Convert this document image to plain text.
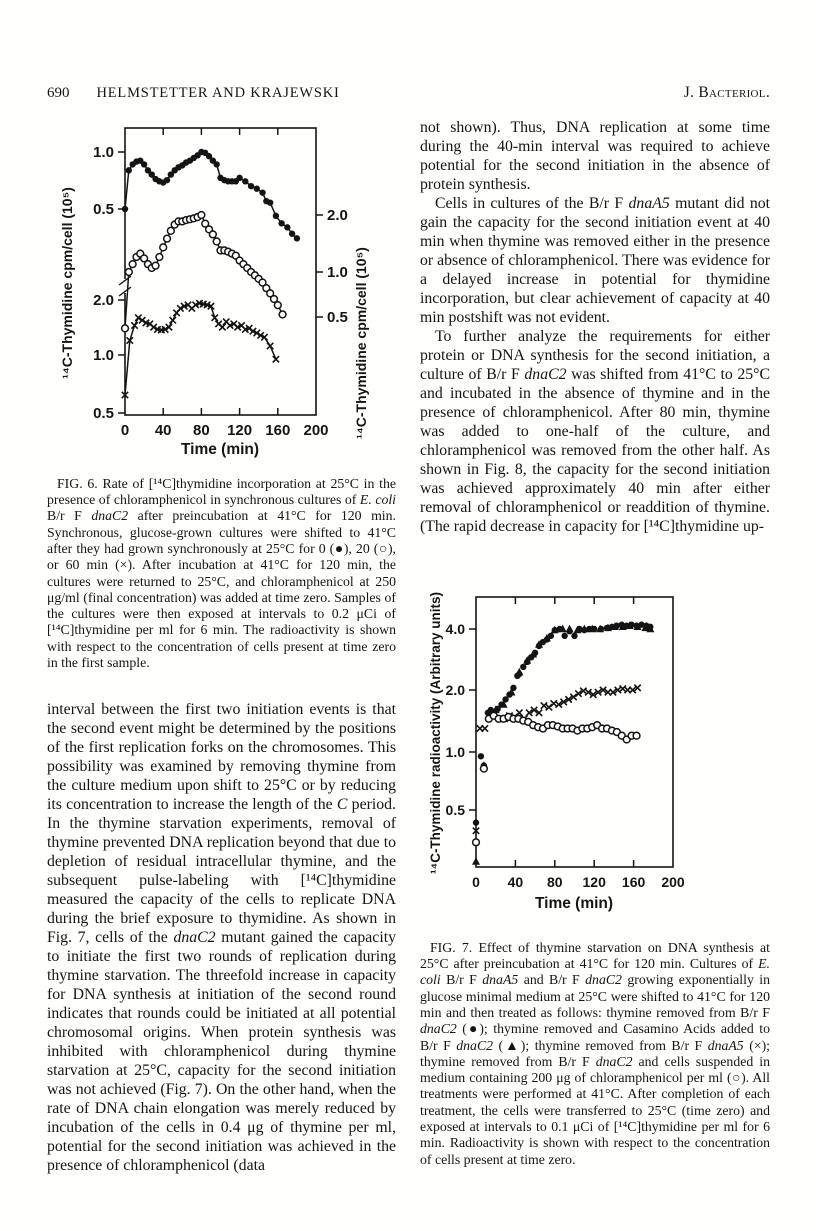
690 HELMSTETTER AND KRAJEWSKI	J. Bacteriol.
0 40 80 120 160 200
1.0
0.5
2.0
1.0
0.5
2.0
1.0
0.5
Time (min)
¹⁴C-Thymidine cpm/cell (10⁵)	¹⁴C-Thymidine cpm/cell (10⁵)

FIG. 6. Rate of [¹⁴C]thymidine incorporation at 25°C in the presence of chloramphenicol in synchronous cultures of E. coli B/r F dnaC2 after preincubation at 41°C for 120 min. Synchronous, glucose-grown cultures were shifted to 41°C after they had grown synchronously at 25°C for 0 (●), 20 (○), or 60 min (×). After incubation at 41°C for 120 min, the cultures were returned to 25°C, and chloramphenicol at 250 μg/ml (final concentration) was added at time zero. Samples of the cultures were then exposed at intervals to 0.2 μCi of [¹⁴C]thymidine per ml for 6 min. The radioactivity is shown with respect to the concentration of cells present at time zero in the first sample.

interval between the first two initiation events is that the second event might be determined by the positions of the first replication forks on the chromosomes. This possibility was examined by removing thymine from the culture medium upon shift to 25°C or by reducing its concentration to increase the length of the C period. In the thymine starvation experiments, removal of thymine prevented DNA replication beyond that due to depletion of residual intracellular thymine, and the subsequent pulse-labeling with [¹⁴C]thymidine measured the capacity of the cells to replicate DNA during the brief exposure to thymidine. As shown in Fig. 7, cells of the dnaC2 mutant gained the capacity to initiate the first two rounds of replication during thymine starvation. The threefold increase in capacity for DNA synthesis at initiation of the second round indicates that rounds could be initiated at all potential chromosomal origins. When protein synthesis was inhibited with chloramphenicol during thymine starvation at 25°C, capacity for the second initiation was not achieved (Fig. 7). On the other hand, when the rate of DNA chain elongation was merely reduced by incubation of the cells in 0.4 μg of thymine per ml, potential for the second initiation was achieved in the presence of chloramphenicol (data

not shown). Thus, DNA replication at some time during the 40-min interval was required to achieve potential for the second initiation in the absence of protein synthesis.

Cells in cultures of the B/r F dnaA5 mutant did not gain the capacity for the second initiation event at 40 min when thymine was removed either in the presence or absence of chloramphenicol. There was evidence for a delayed increase in potential for thymidine incorporation, but clear achievement of capacity at 40 min postshift was not evident.

To further analyze the requirements for either protein or DNA synthesis for the second initiation, a culture of B/r F dnaC2 was shifted from 41°C to 25°C and incubated in the absence of thymine and in the presence of chloramphenicol. After 80 min, thymine was added to one-half of the culture, and chloramphenicol was removed from the other half. As shown in Fig. 8, the capacity for the second initiation was achieved approximately 40 min after either removal of chloramphenicol or readdition of thymine. (The rapid decrease in capacity for [¹⁴C]thymidine up-

0 40 80 120 160 200
4.0
2.0
1.0
0.5
Time (min)
¹⁴C-Thymidine radioactivity (Arbitrary units)

FIG. 7. Effect of thymine starvation on DNA synthesis at 25°C after preincubation at 41°C for 120 min. Cultures of E. coli B/r F dnaA5 and B/r F dnaC2 growing exponentially in glucose minimal medium at 25°C were shifted to 41°C for 120 min and then treated as follows: thymine removed from B/r F dnaC2 (●); thymine removed and Casamino Acids added to B/r F dnaC2 (▲); thymine removed from B/r F dnaA5 (×); thymine removed from B/r F dnaC2 and cells suspended in medium containing 200 μg of chloramphenicol per ml (○). All treatments were performed at 41°C. After completion of each treatment, the cells were transferred to 25°C (time zero) and exposed at intervals to 0.1 μCi of [¹⁴C]thymidine per ml for 6 min. Radioactivity is shown with respect to the concentration of cells present at time zero.
